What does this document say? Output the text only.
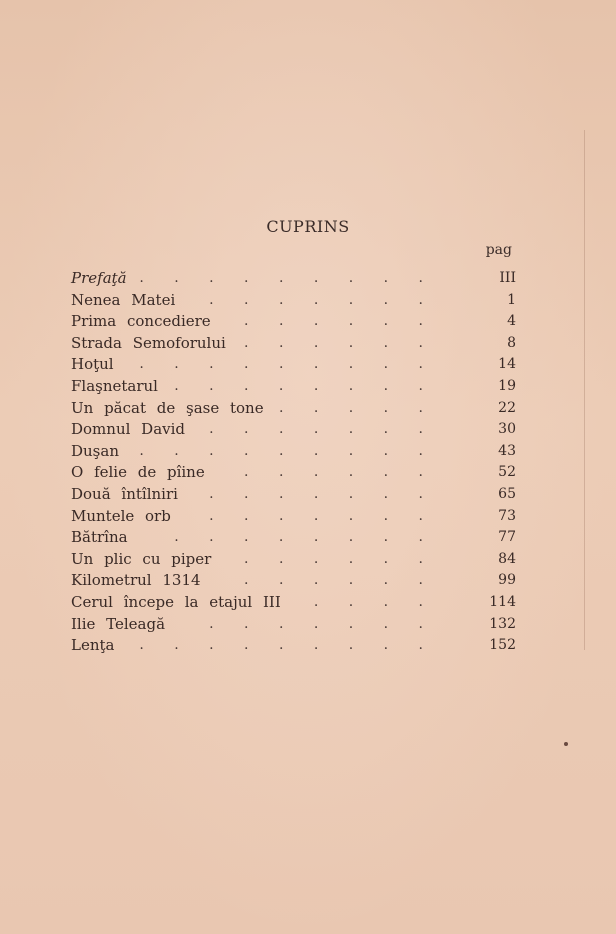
CUPRINS
pag
Prefaţă . . . . . . . . .	III
Nenea Matei . . . . . . .	1
Prima concediere . . . . . .	4
Strada Semoforului . . . . . .	8
Hoţul . . . . . . . . .	14
Flaşnetarul . . . . . . . .	19
Un păcat de şase tone . . . . .	22
Domnul David . . . . . . .	30
Duşan . . . . . . . . .	43
O felie de pîine	. . . . . .	52
Două întîlniri . . . . . . .	65
Muntele orb	. . . . . . .	73
Bătrîna	. . . . . . . .	77
Un plic cu piper . . . . . .	84
Kilometrul 1314	. . . . . .	99
Cerul începe la etajul III . . . .	114
Ilie Teleagă	. . . . . . .	132
Lenţa . . . . . . . . .	152
